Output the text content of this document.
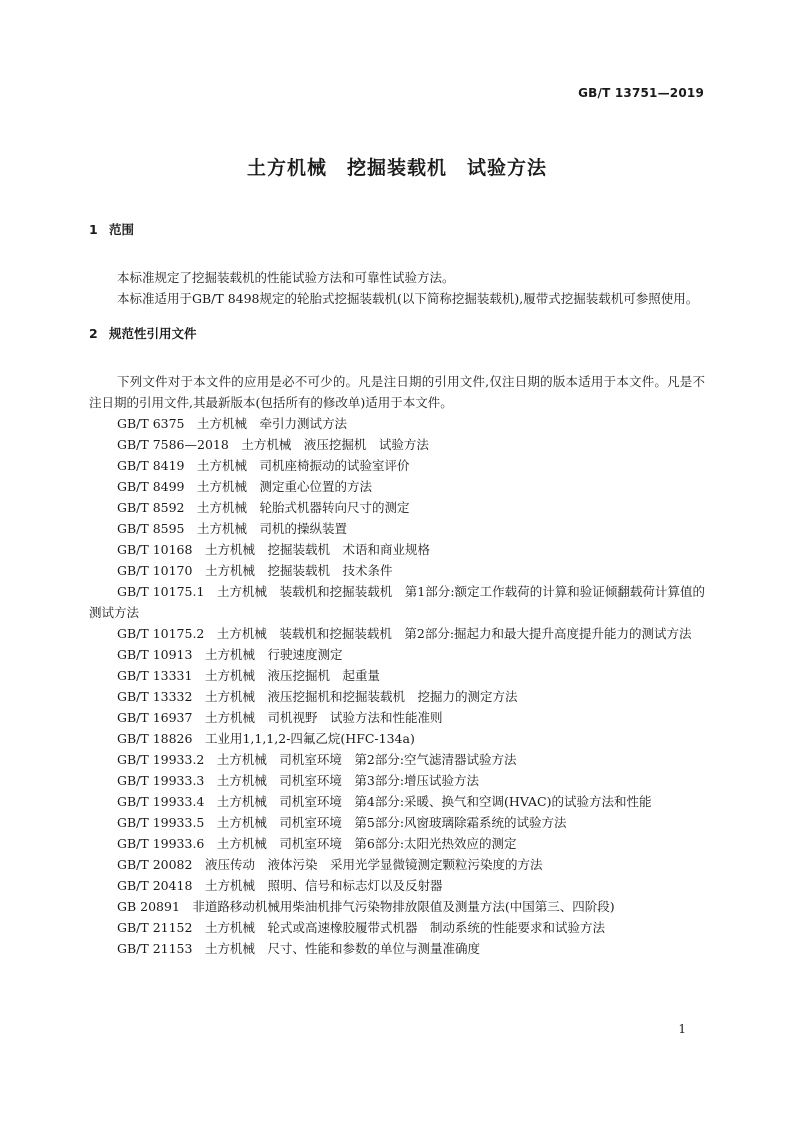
GB/T 13751—2019
土方机械　 挖掘装载机　 试验方法
1 范围
本标准规定了挖掘装载机的性能试验方法和可靠性试验方法。
本标准适用于GB/T 8498规定的轮胎式挖掘装载机(以下简称挖掘装载机),履带式挖掘装载机可参照使用。
2 规范性引用文件
下列文件对于本文件的应用是必不可少的。凡是注日期的引用文件,仅注日期的版本适用于本文件。凡是不注日期的引用文件,其最新版本(包括所有的修改单)适用于本文件。
GB/T 6375　土方机械　牵引力测试方法
GB/T 7586—2018　土方机械　液压挖掘机　试验方法
GB/T 8419　土方机械　司机座椅振动的试验室评价
GB/T 8499　土方机械　测定重心位置的方法
GB/T 8592　土方机械　轮胎式机器转向尺寸的测定
GB/T 8595　土方机械　司机的操纵装置
GB/T 10168　土方机械　挖掘装载机　术语和商业规格
GB/T 10170　土方机械　挖掘装载机　技术条件
GB/T 10175.1　土方机械　装载机和挖掘装载机　第1部分:额定工作载荷的计算和验证倾翻载荷计算值的测试方法
GB/T 10175.2　土方机械　装载机和挖掘装载机　第2部分:掘起力和最大提升高度提升能力的测试方法
GB/T 10913　土方机械　行驶速度测定
GB/T 13331　土方机械　液压挖掘机　起重量
GB/T 13332　土方机械　液压挖掘机和挖掘装载机　挖掘力的测定方法
GB/T 16937　土方机械　司机视野　试验方法和性能准则
GB/T 18826　工业用1,1,1,2-四氟乙烷(HFC-134a)
GB/T 19933.2　土方机械　司机室环境　第2部分:空气滤清器试验方法
GB/T 19933.3　土方机械　司机室环境　第3部分:增压试验方法
GB/T 19933.4　土方机械　司机室环境　第4部分:采暖、换气和空调(HVAC)的试验方法和性能
GB/T 19933.5　土方机械　司机室环境　第5部分:风窗玻璃除霜系统的试验方法
GB/T 19933.6　土方机械　司机室环境　第6部分:太阳光热效应的测定
GB/T 20082　液压传动　液体污染　采用光学显微镜测定颗粒污染度的方法
GB/T 20418　土方机械　照明、信号和标志灯以及反射器
GB 20891　非道路移动机械用柴油机排气污染物排放限值及测量方法(中国第三、四阶段)
GB/T 21152　土方机械　轮式或高速橡胶履带式机器　制动系统的性能要求和试验方法
GB/T 21153　土方机械　尺寸、性能和参数的单位与测量准确度
1
